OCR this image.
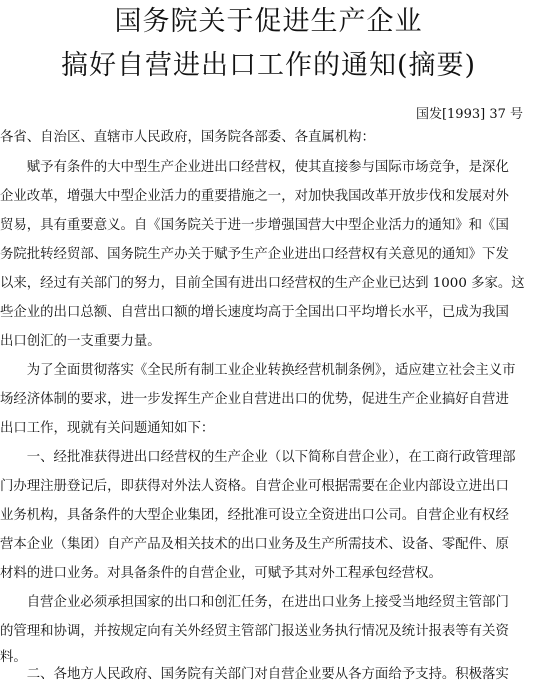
国务院关于促进生产企业
搞好自营进出口工作的通知(摘要)
国发[1993] 37 号
各省、自治区、直辖市人民政府，国务院各部委、各直属机构：
　　赋予有条件的大中型生产企业进出口经营权，使其直接参与国际市场竞争，是深化
企业改革，增强大中型企业活力的重要措施之一，对加快我国改革开放步伐和发展对外
贸易，具有重要意义。自《国务院关于进一步增强国营大中型企业活力的通知》和《国
务院批转经贸部、国务院生产办关于赋予生产企业进出口经营权有关意见的通知》下发
以来，经过有关部门的努力，目前全国有进出口经营权的生产企业已达到 1000 多家。这
些企业的出口总额、自营出口额的增长速度均高于全国出口平均增长水平，已成为我国
出口创汇的一支重要力量。
　　为了全面贯彻落实《全民所有制工业企业转换经营机制条例》，适应建立社会主义市
场经济体制的要求，进一步发挥生产企业自营进出口的优势，促进生产企业搞好自营进
出口工作，现就有关问题通知如下：
　　一、经批准获得进出口经营权的生产企业（以下简称自营企业），在工商行政管理部
门办理注册登记后，即获得对外法人资格。自营企业可根据需要在企业内部设立进出口
业务机构，具备条件的大型企业集团，经批准可设立全资进出口公司。自营企业有权经
营本企业（集团）自产产品及相关技术的出口业务及生产所需技术、设备、零配件、原
材料的进口业务。对具备条件的自营企业，可赋予其对外工程承包经营权。
　　自营企业必须承担国家的出口和创汇任务，在进出口业务上接受当地经贸主管部门
的管理和协调，并按规定向有关外经贸主管部门报送业务执行情况及统计报表等有关资
料。
　　二、各地方人民政府、国务院有关部门对自营企业要从各方面给予支持。积极落实
